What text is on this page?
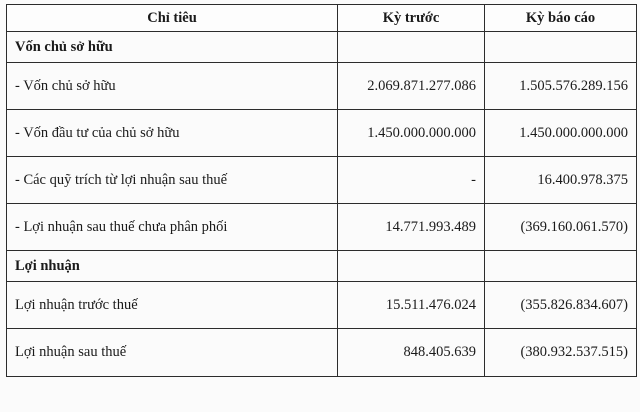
Chỉ tiêu	Kỳ trước	Kỳ báo cáo
Vốn chủ sở hữu		
- Vốn chủ sở hữu	2.069.871.277.086	1.505.576.289.156
- Vốn đầu tư của chủ sở hữu	1.450.000.000.000	1.450.000.000.000
- Các quỹ trích từ lợi nhuận sau thuế	-	16.400.978.375
- Lợi nhuận sau thuế chưa phân phối	14.771.993.489	(369.160.061.570)
Lợi nhuận		
Lợi nhuận trước thuế	15.511.476.024	(355.826.834.607)
Lợi nhuận sau thuế	848.405.639	(380.932.537.515)
